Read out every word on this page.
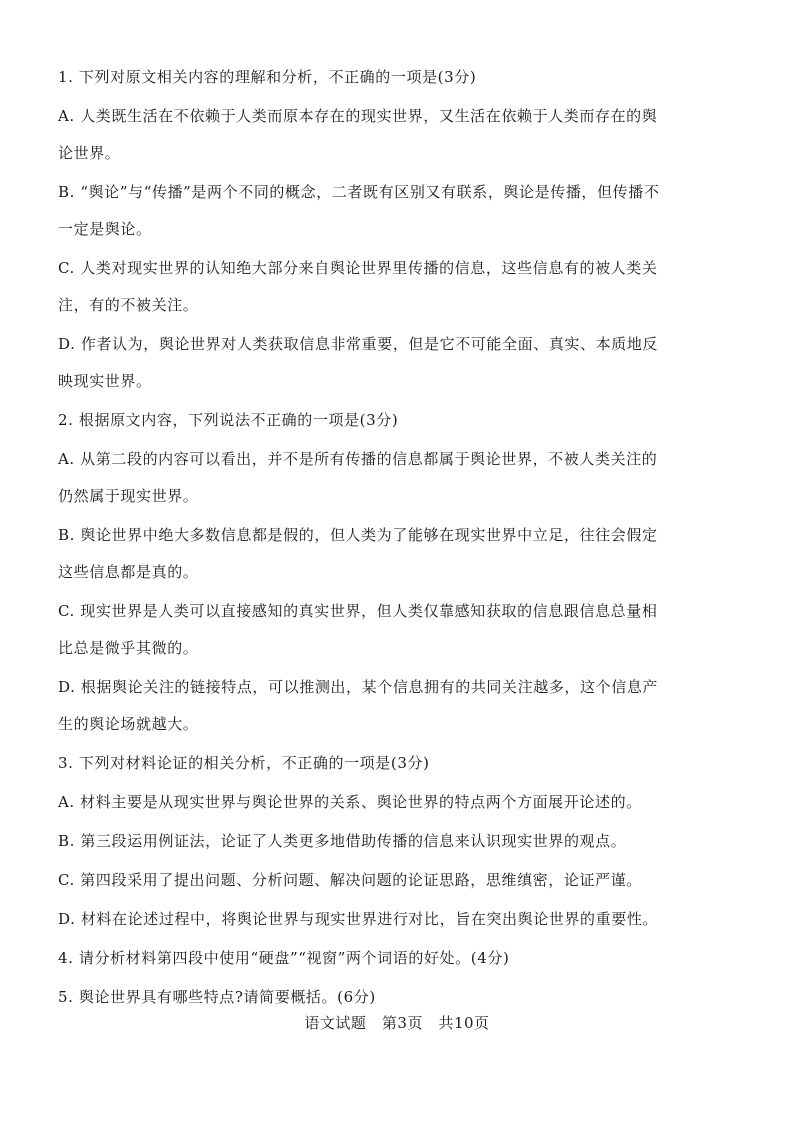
1. 下列对原文相关内容的理解和分析，不正确的一项是(3分)
A. 人类既生活在不依赖于人类而原本存在的现实世界，又生活在依赖于人类而存在的舆
论世界。
B. “舆论”与“传播”是两个不同的概念，二者既有区别又有联系，舆论是传播，但传播不
一定是舆论。
C. 人类对现实世界的认知绝大部分来自舆论世界里传播的信息，这些信息有的被人类关
注，有的不被关注。
D. 作者认为，舆论世界对人类获取信息非常重要，但是它不可能全面、真实、本质地反
映现实世界。
2. 根据原文内容，下列说法不正确的一项是(3分)
A. 从第二段的内容可以看出，并不是所有传播的信息都属于舆论世界，不被人类关注的
仍然属于现实世界。
B. 舆论世界中绝大多数信息都是假的，但人类为了能够在现实世界中立足，往往会假定
这些信息都是真的。
C. 现实世界是人类可以直接感知的真实世界，但人类仅靠感知获取的信息跟信息总量相
比总是微乎其微的。
D. 根据舆论关注的链接特点，可以推测出，某个信息拥有的共同关注越多，这个信息产
生的舆论场就越大。
3. 下列对材料论证的相关分析，不正确的一项是(3分)
A. 材料主要是从现实世界与舆论世界的关系、舆论世界的特点两个方面展开论述的。
B. 第三段运用例证法，论证了人类更多地借助传播的信息来认识现实世界的观点。
C. 第四段采用了提出问题、分析问题、解决问题的论证思路，思维缜密，论证严谨。
D. 材料在论述过程中，将舆论世界与现实世界进行对比，旨在突出舆论世界的重要性。
4. 请分析材料第四段中使用“硬盘”“视窗”两个词语的好处。(4分)
5. 舆论世界具有哪些特点?请简要概括。(6分)
语文试题　第3页　共10页
